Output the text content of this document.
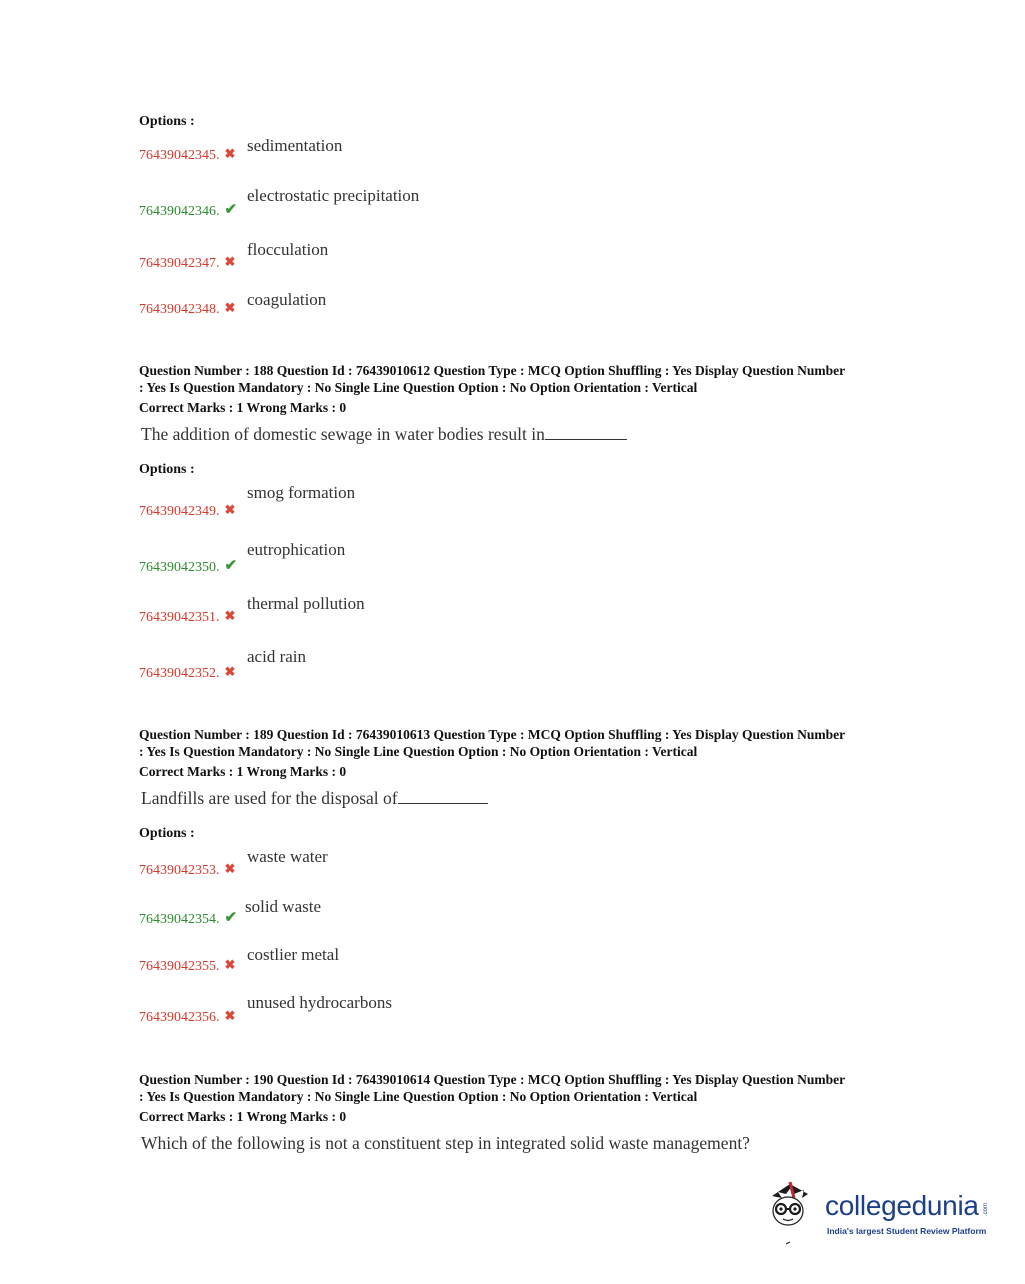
Options :
76439042345. ✖ sedimentation
76439042346. ✔
electrostatic precipitation
76439042347. ✖
flocculation
76439042348. ✖ coagulation

Question Number : 188 Question Id : 76439010612 Question Type : MCQ Option Shuffling : Yes Display Question Number

: Yes Is Question Mandatory : No Single Line Question Option : No Option Orientation : Vertical

Correct Marks : 1 Wrong Marks : 0

The addition of domestic sewage in water bodies result in
Options :
76439042349. ✖
smog formation
76439042350. ✔
eutrophication
76439042351. ✖
thermal pollution
76439042352. ✖
acid rain

Question Number : 189 Question Id : 76439010613 Question Type : MCQ Option Shuffling : Yes Display Question Number

: Yes Is Question Mandatory : No Single Line Question Option : No Option Orientation : Vertical

Correct Marks : 1 Wrong Marks : 0

Landfills are used for the disposal of
Options :
76439042353. ✖
waste water
76439042354. ✔
solid waste
76439042355. ✖
costlier metal
76439042356. ✖
unused hydrocarbons

Question Number : 190 Question Id : 76439010614 Question Type : MCQ Option Shuffling : Yes Display Question Number

: Yes Is Question Mandatory : No Single Line Question Option : No Option Orientation : Vertical

Correct Marks : 1 Wrong Marks : 0

Which of the following is not a constituent step in integrated solid waste management?
collegedunia .com
India's largest Student Review Platform
